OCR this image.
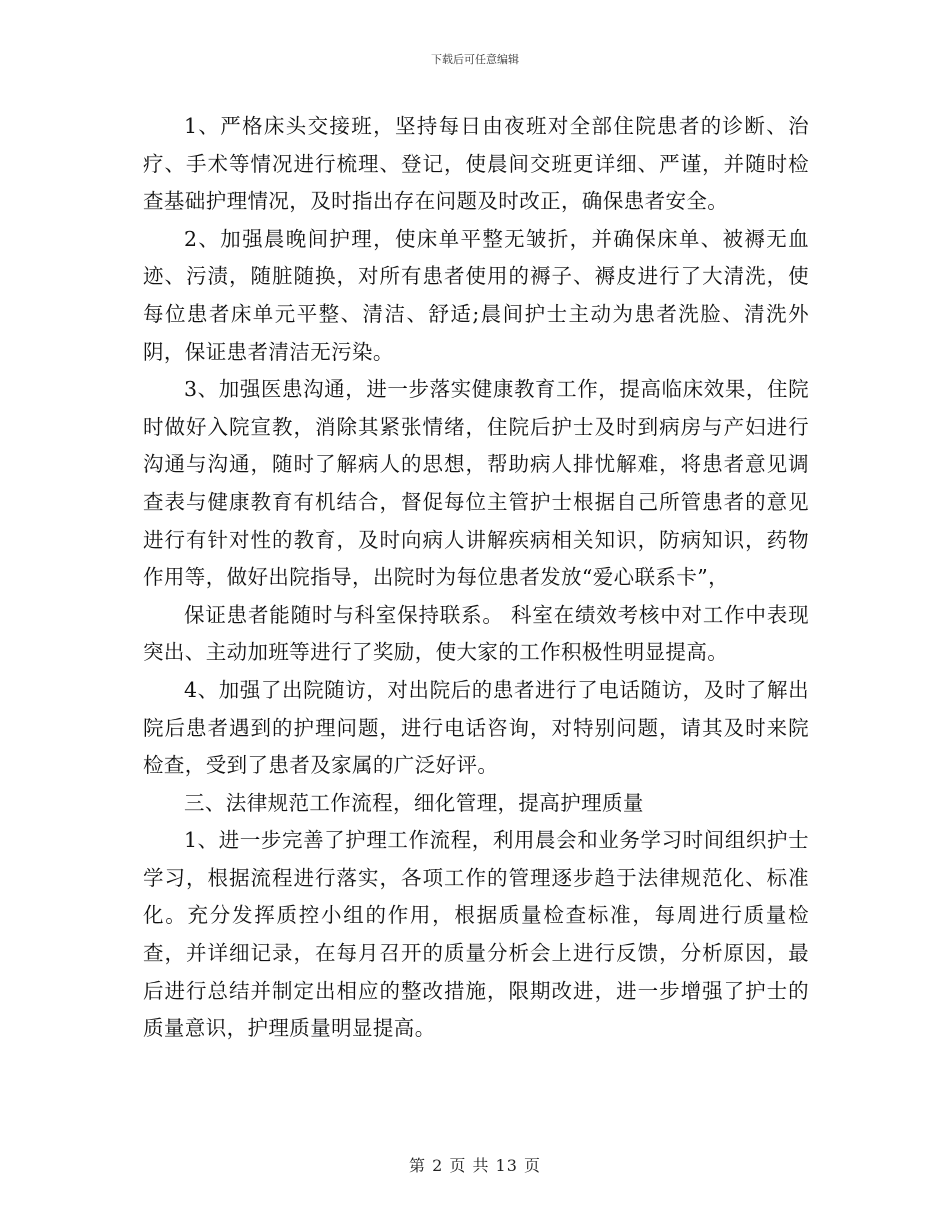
下载后可任意编辑

1、严格床头交接班，坚持每日由夜班对全部住院患者的诊断、治疗、手术等情况进行梳理、登记，使晨间交班更详细、严谨，并随时检查基础护理情况，及时指出存在问题及时改正，确保患者安全。

2、加强晨晚间护理，使床单平整无皱折，并确保床单、被褥无血迹、污渍，随脏随换，对所有患者使用的褥子、褥皮进行了大清洗，使每位患者床单元平整、清洁、舒适;晨间护士主动为患者洗脸、清洗外阴，保证患者清洁无污染。

3、加强医患沟通，进一步落实健康教育工作，提高临床效果，住院时做好入院宣教，消除其紧张情绪，住院后护士及时到病房与产妇进行沟通与沟通，随时了解病人的思想，帮助病人排忧解难，将患者意见调查表与健康教育有机结合，督促每位主管护士根据自己所管患者的意见进行有针对性的教育，及时向病人讲解疾病相关知识，防病知识，药物作用等，做好出院指导，出院时为每位患者发放“爱心联系卡”，

保证患者能随时与科室保持联系。 科室在绩效考核中对工作中表现突出、主动加班等进行了奖励，使大家的工作积极性明显提高。

4、加强了出院随访，对出院后的患者进行了电话随访，及时了解出院后患者遇到的护理问题，进行电话咨询，对特别问题，请其及时来院检查，受到了患者及家属的广泛好评。

三、法律规范工作流程，细化管理，提高护理质量

1、进一步完善了护理工作流程，利用晨会和业务学习时间组织护士学习，根据流程进行落实，各项工作的管理逐步趋于法律规范化、标准化。充分发挥质控小组的作用，根据质量检查标准，每周进行质量检查，并详细记录，在每月召开的质量分析会上进行反馈，分析原因，最后进行总结并制定出相应的整改措施，限期改进，进一步增强了护士的质量意识，护理质量明显提高。

第 2 页 共 13 页
